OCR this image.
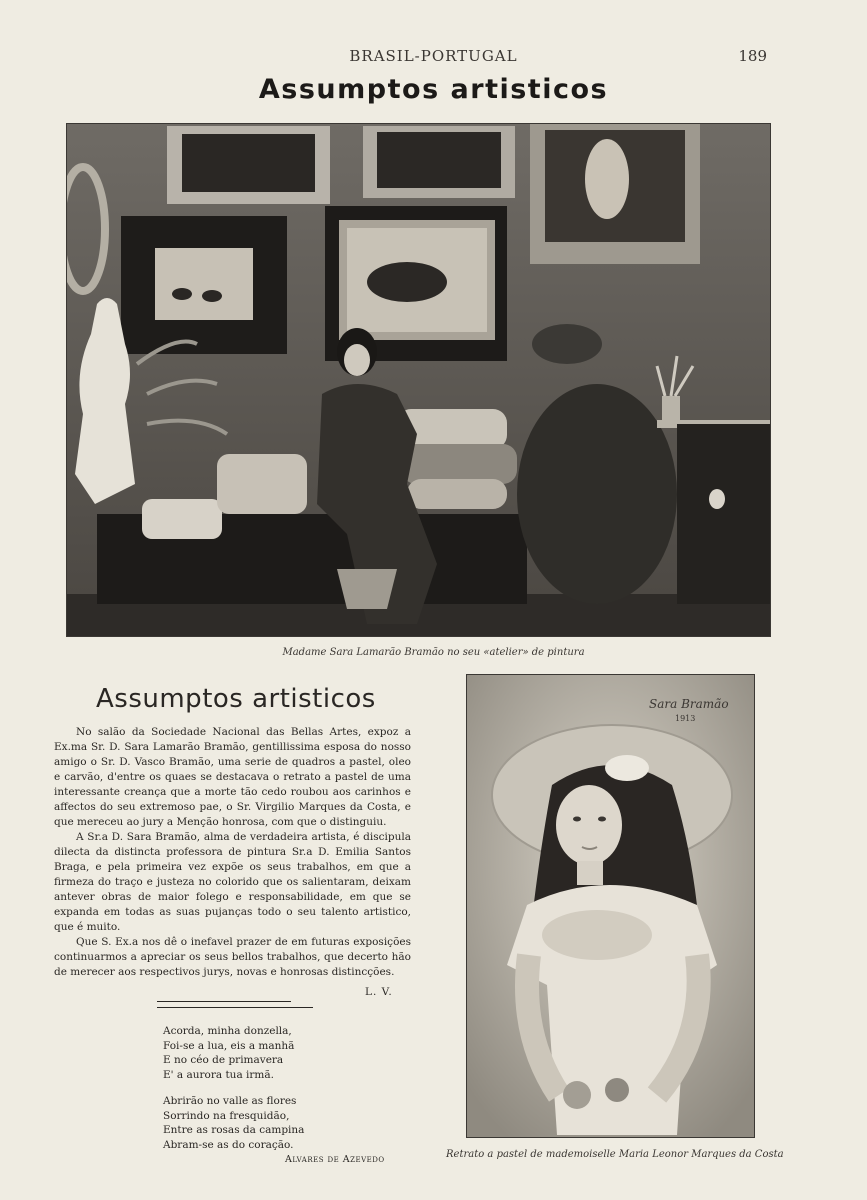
BRASIL-PORTUGAL	189
Assumptos artisticos
Madame Sara Lamarão Bramão no seu «atelier» de pintura
Assumptos artisticos

No salão da Sociedade Nacional das Bellas Artes, expoz a Ex.ma Sr. D. Sara Lamarão Bramão, gentillissima esposa do nosso amigo o Sr. D. Vasco Bramão, uma serie de quadros a pastel, oleo e carvão, d'entre os quaes se destacava o retrato a pastel de uma interessante creança que a morte tão cedo roubou aos carinhos e affectos do seu extremoso pae, o Sr. Virgilio Marques da Costa, e que mereceu ao jury a Menção honrosa, com que o distinguiu.

A Sr.a D. Sara Bramão, alma de verdadeira artista, é discipula dilecta da distincta professora de pintura Sr.a D. Emilia Santos Braga, e pela primeira vez expõe os seus trabalhos, em que a firmeza do traço e justeza no colorido que os salientaram, deixam antever obras de maior folego e responsabilidade, em que se expanda em todas as suas pujanças todo o seu talento artistico, que é muito.

Que S. Ex.a nos dê o inefavel prazer de em futuras exposições continuarmos a apreciar os seus bellos trabalhos, que decerto hão de merecer aos respectivos jurys, novas e honrosas distincções.

L. V.
Acorda, minha donzella,
Foi-se a lua, eis a manhã
E no céo de primavera
E' a aurora tua irmã.
Abrirão no valle as flores
Sorrindo na fresquidão,
Entre as rosas da campina
Abram-se as do coração.
Alvares de Azevedo
Sara Bramão
1913
Retrato a pastel de mademoiselle Maria Leonor Marques da Costa
